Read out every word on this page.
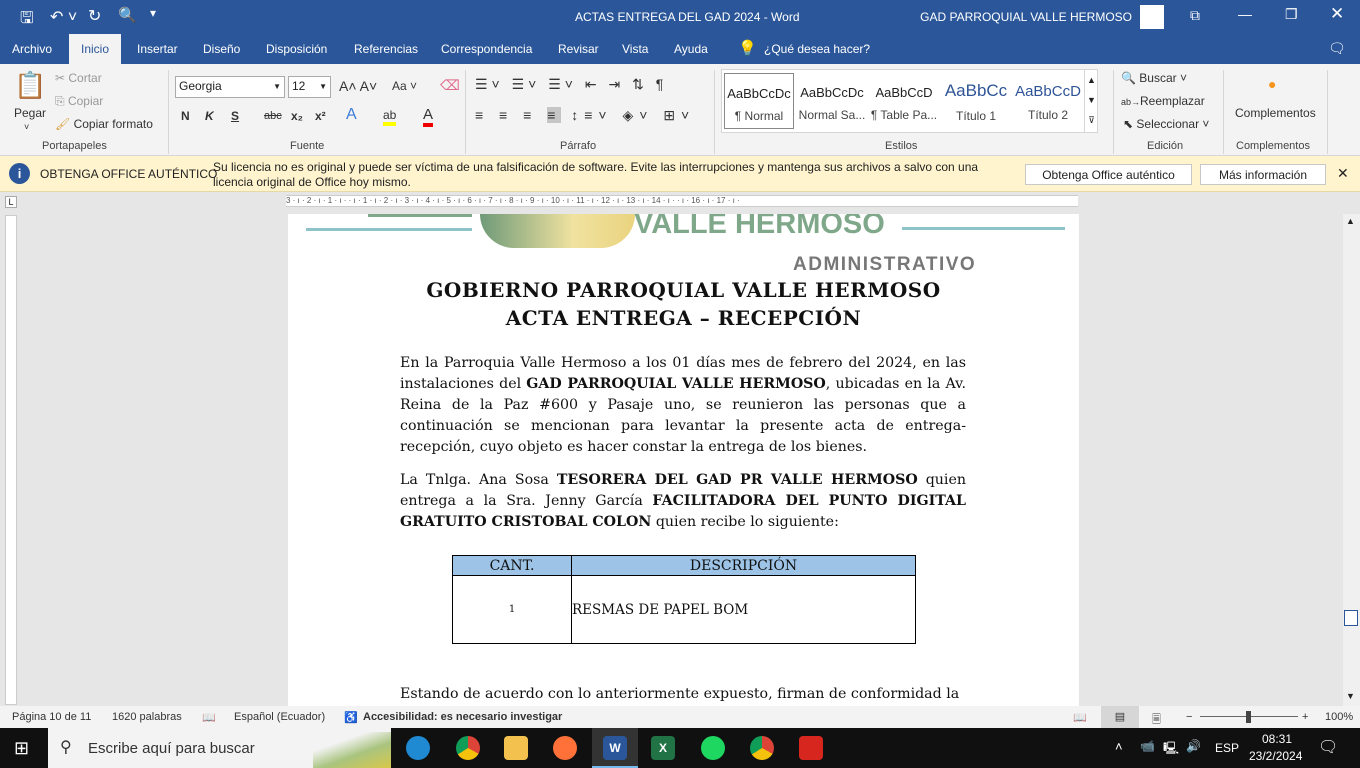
🖫 ↶ ˅ ↻ 🔍 ▾	ACTAS ENTREGA DEL GAD 2024 - Word	GAD PARROQUIAL VALLE HERMOSO	⧉	— ❐ ✕
Archivo	Inicio	Insertar Diseño Disposición Referencias Correspondencia Revisar Vista Ayuda 💡 ¿Qué desea hacer?	🗨
📋
Pegar
˅
✂ Cortar
⎘ Copiar
🖌 Copiar formato
Portapapeles
Georgia	▼ 12 ▼ A˄ A˅ Aa ˅ ⌫
N K S abc x₂ x² A ab A
Fuente
☰˅ ☰˅ ☰˅ ⇤ ⇥ ⇅ ¶
≡ ≡ ≡ ≡ ↕≡˅ ◈˅ ⊞˅
Párrafo
AaBbCcDc
¶ Normal
AaBbCcDc
Normal Sa...
AaBbCcD
¶ Table Pa...
AaBbCc
Título 1
AaBbCcD
Título 2
▲
▼
⊽
Estilos
🔍 Buscar ˅
ab→Reemplazar
⬉ Seleccionar ˅
Edición
●
Complementos
Complementos
i	OBTENGA OFFICE AUTÉNTICO
Su licencia no es original y puede ser víctima de una falsificación de software. Evite las interrupciones y mantenga sus archivos a salvo con una licencia original de Office hoy mismo.	Obtenga Office auténtico	Más información	✕
L	3 · ı · 2 · ı · 1 · ı · · ı · 1 · ı · 2 · ı · 3 · ı · 4 · ı · 5 · ı · 6 · ı · 7 · ı · 8 · ı · 9 · ı · 10 · ı · 11 · ı · 12 · ı · 13 · ı · 14 · ı · · ı · 16 · ı · 17 · ı ·
VALLE HERMOSO
ADMINISTRATIVO
GOBIERNO PARROQUIAL VALLE HERMOSO
ACTA ENTREGA – RECEPCIÓN
En la Parroquia Valle Hermoso a los 01 días mes de febrero del 2024, en las instalaciones del GAD PARROQUIAL VALLE HERMOSO, ubicadas en la Av. Reina de la Paz #600 y Pasaje uno, se reunieron las personas que a continuación se mencionan para levantar la presente acta de entrega-recepción, cuyo objeto es hacer constar la entrega de los bienes.
La Tnlga. Ana Sosa TESORERA DEL GAD PR VALLE HERMOSO quien entrega a la Sra. Jenny García FACILITADORA DEL PUNTO DIGITAL GRATUITO CRISTOBAL COLON quien recibe lo siguiente:
CANT.	DESCRIPCIÓN
1	RESMAS DE PAPEL BOM
Estando de acuerdo con lo anteriormente expuesto, firman de conformidad la
▲
▼
Página 10 de 11 1620 palabras 📖 Español (Ecuador) ♿ Accesibilidad: es necesario investigar	📖	▤	🗏 −	+ 100%
⊞ ⚲ Escribe aquí para buscar	W	X	˄ 📹 🖳 🔊 ESP
08:31
23/2/2024 🗨
